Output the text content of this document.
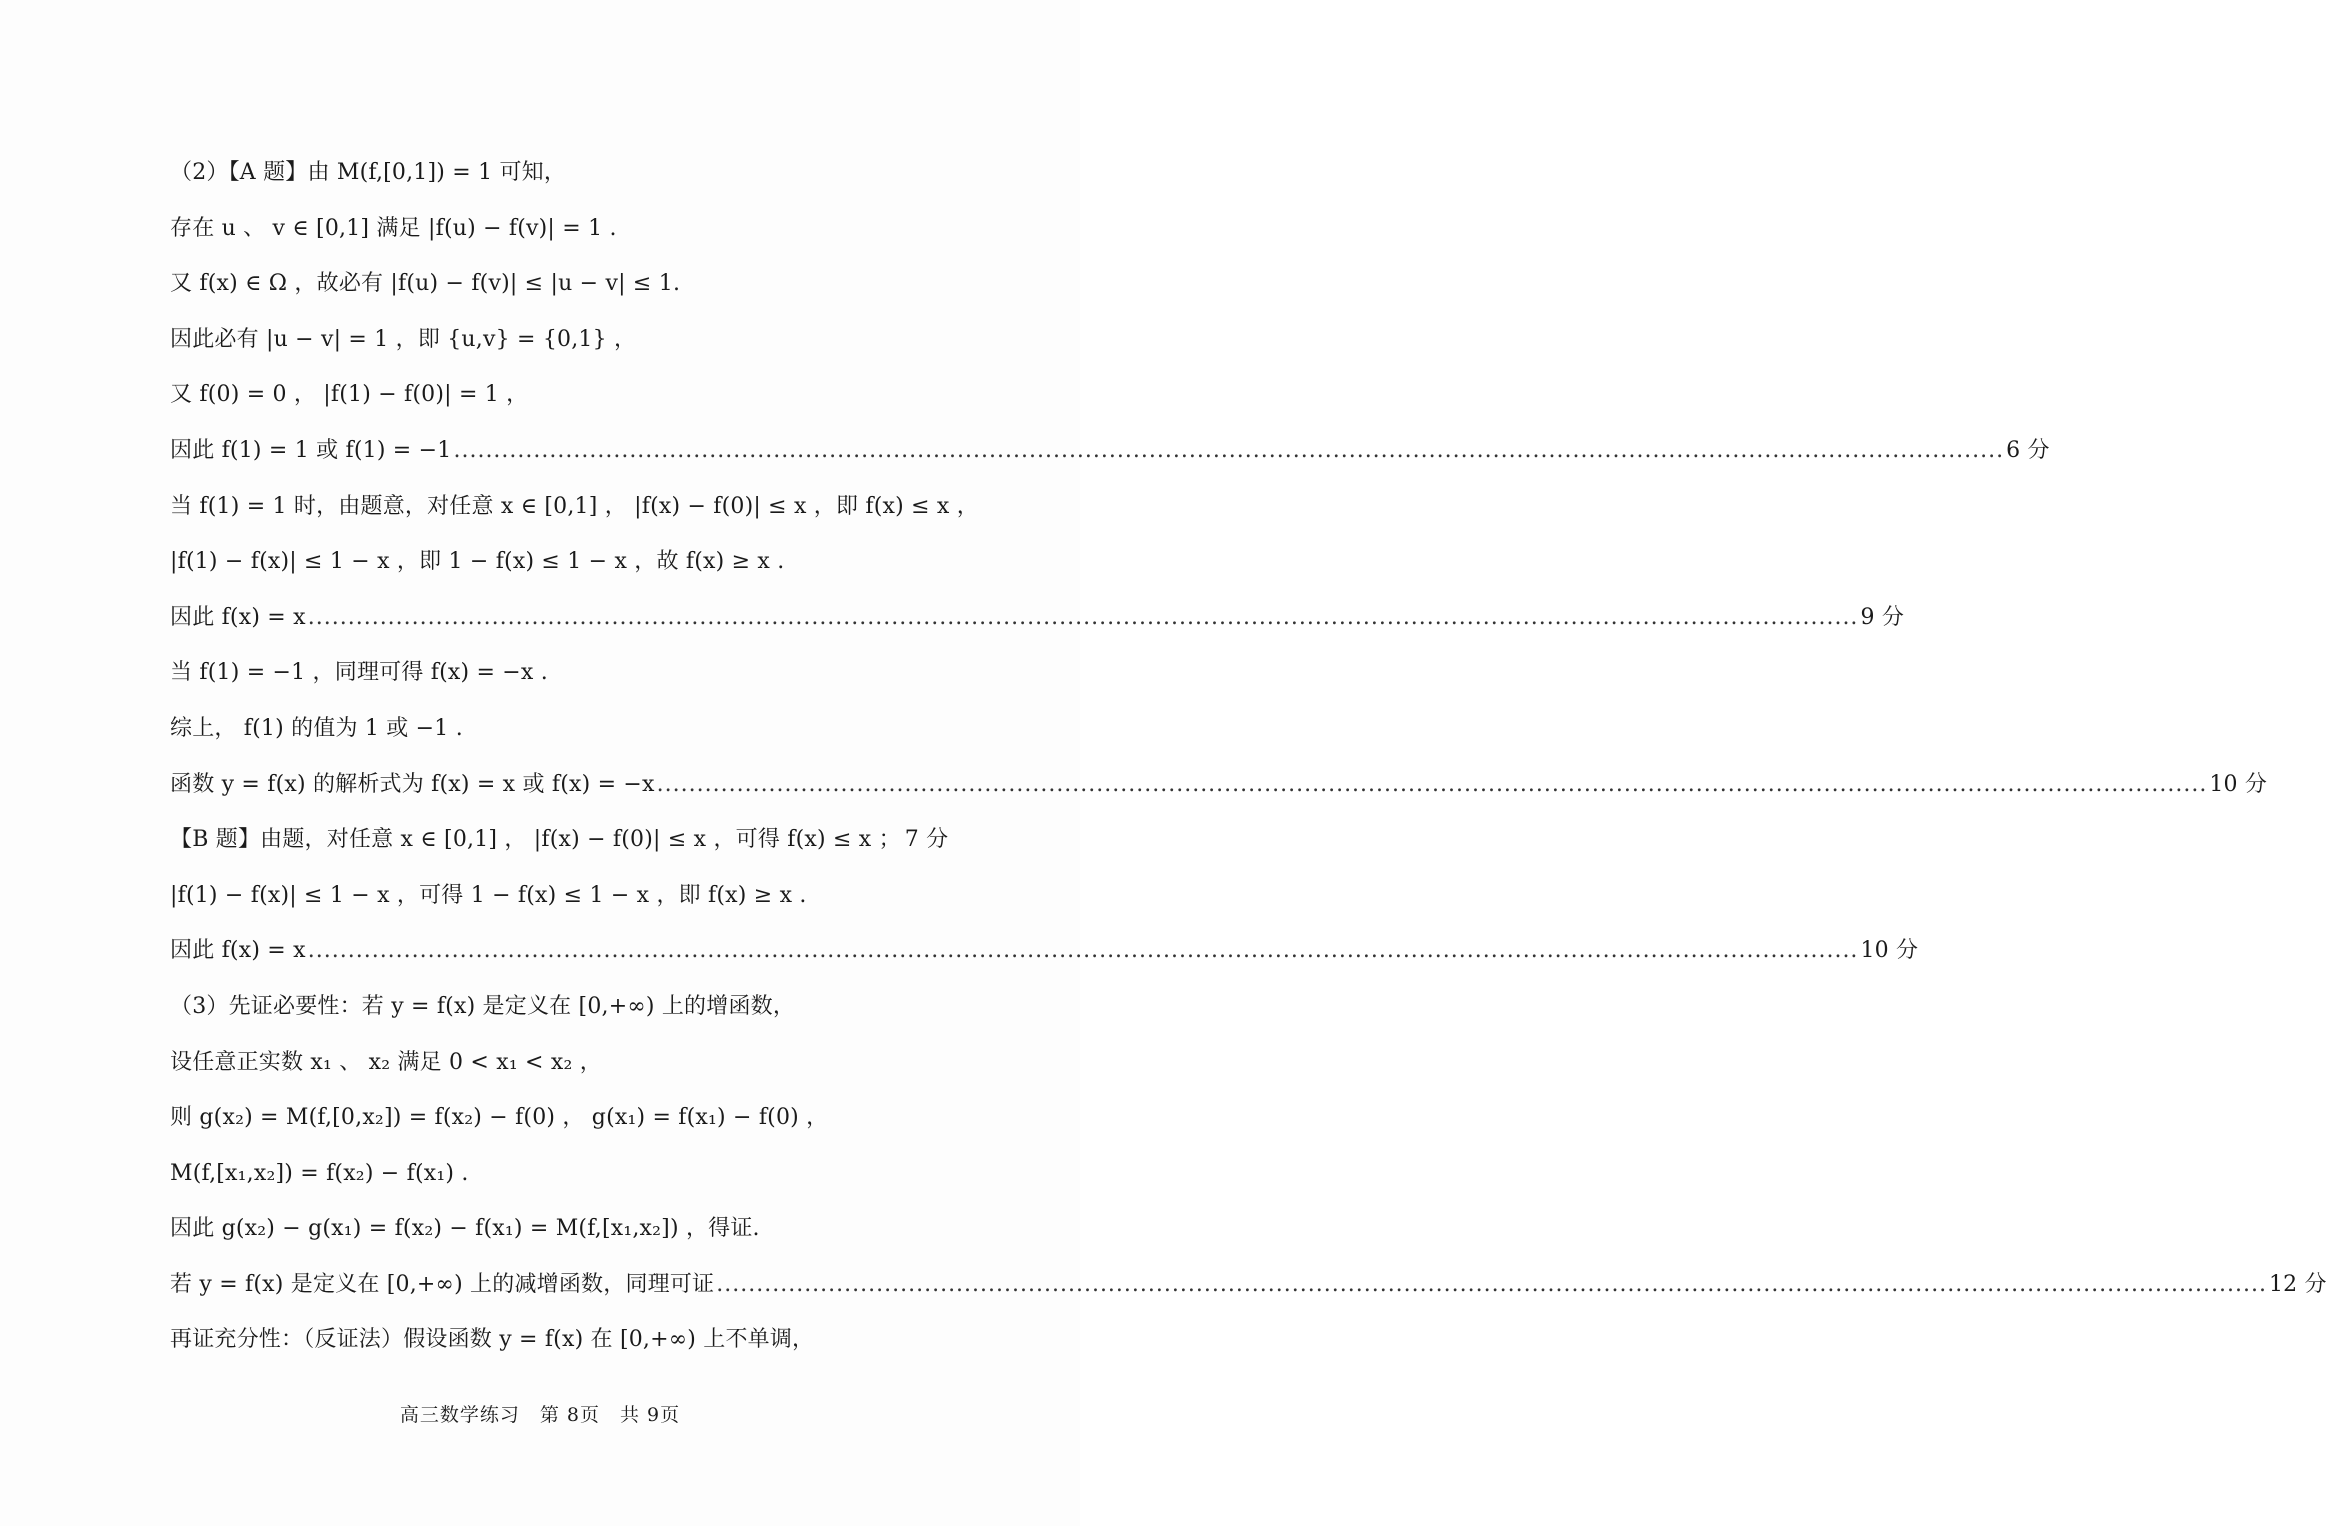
（2）【A 题】由 M(f,[0,1]) = 1 可知，
存在 u 、 v ∈ [0,1] 满足 |f(u) − f(v)| = 1 .
又 f(x) ∈ Ω ，故必有 |f(u) − f(v)| ≤ |u − v| ≤ 1.
因此必有 |u − v| = 1 ，即 {u,v} = {0,1} ，
又 f(0) = 0 ， |f(1) − f(0)| = 1 ，
因此 f(1) = 1 或 f(1) = −1 .....	6 分
当 f(1) = 1 时，由题意，对任意 x ∈ [0,1] ， |f(x) − f(0)| ≤ x ，即 f(x) ≤ x ，
|f(1) − f(x)| ≤ 1 − x ，即 1 − f(x) ≤ 1 − x ，故 f(x) ≥ x .
因此 f(x) = x .....	9 分
当 f(1) = −1 ，同理可得 f(x) = −x .
综上， f(1) 的值为 1 或 −1 .
函数 y = f(x) 的解析式为 f(x) = x 或 f(x) = −x .....	10 分
【B 题】由题，对任意 x ∈ [0,1] ， |f(x) − f(0)| ≤ x ，可得 f(x) ≤ x ； 7 分
|f(1) − f(x)| ≤ 1 − x ，可得 1 − f(x) ≤ 1 − x ，即 f(x) ≥ x .
因此 f(x) = x .....	10 分
（3）先证必要性：若 y = f(x) 是定义在 [0,+∞) 上的增函数，
设任意正实数 x₁ 、 x₂ 满足 0 < x₁ < x₂ ，
则 g(x₂) = M(f,[0,x₂]) = f(x₂) − f(0) ， g(x₁) = f(x₁) − f(0) ，
M(f,[x₁,x₂]) = f(x₂) − f(x₁) .
因此 g(x₂) − g(x₁) = f(x₂) − f(x₁) = M(f,[x₁,x₂]) ，得证.
若 y = f(x) 是定义在 [0,+∞) 上的减增函数，同理可证 .....	12 分
再证充分性：（反证法）假设函数 y = f(x) 在 [0,+∞) 上不单调，
高三数学练习　第 8页　共 9页
